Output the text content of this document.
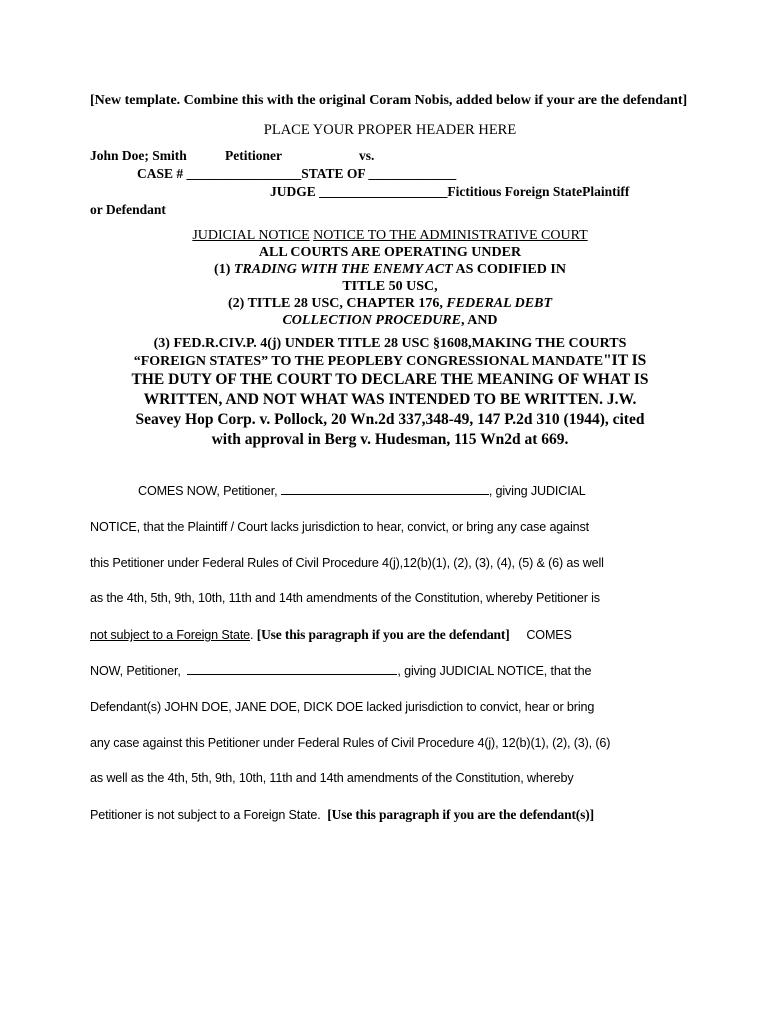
[New template. Combine this with the original Coram Nobis, added below if your are the defendant]

PLACE YOUR PROPER HEADER HERE
John Doe; Smith	Petitioner	vs.
CASE # _________________STATE OF _____________
JUDGE ___________________Fictitious Foreign StatePlaintiff
or Defendant
JUDICIAL NOTICE NOTICE TO THE ADMINISTRATIVE COURT
ALL COURTS ARE OPERATING UNDER
(1) TRADING WITH THE ENEMY ACT AS CODIFIED IN
TITLE 50 USC,
(2) TITLE 28 USC, CHAPTER 176, FEDERAL DEBT
COLLECTION PROCEDURE, AND
(3) FED.R.CIV.P. 4(j) UNDER TITLE 28 USC §1608,MAKING THE COURTS
“FOREIGN STATES” TO THE PEOPLEBY CONGRESSIONAL MANDATE"IT IS
THE DUTY OF THE COURT TO DECLARE THE MEANING OF WHAT IS
WRITTEN, AND NOT WHAT WAS INTENDED TO BE WRITTEN. J.W.
Seavey Hop Corp. v. Pollock, 20 Wn.2d 337,348-49, 147 P.2d 310 (1944), cited
with approval in Berg v. Hudesman, 115 Wn2d at 669.
COMES NOW, Petitioner,	, giving JUDICIAL
NOTICE, that the Plaintiff / Court lacks jurisdiction to hear, convict, or bring any case against
this Petitioner under Federal Rules of Civil Procedure 4(j),12(b)(1), (2), (3), (4), (5) & (6) as well
as the 4th, 5th, 9th, 10th, 11th and 14th amendments of the Constitution, whereby Petitioner is
not subject to a Foreign State. [Use this paragraph if you are the defendant]     COMES
NOW, Petitioner,	, giving JUDICIAL NOTICE, that the
Defendant(s) JOHN DOE, JANE DOE, DICK DOE lacked jurisdiction to convict, hear or bring
any case against this Petitioner under Federal Rules of Civil Procedure 4(j), 12(b)(1), (2), (3), (6)
as well as the 4th, 5th, 9th, 10th, 11th and 14th amendments of the Constitution, whereby
Petitioner is not subject to a Foreign State.  [Use this paragraph if you are the defendant(s)]
